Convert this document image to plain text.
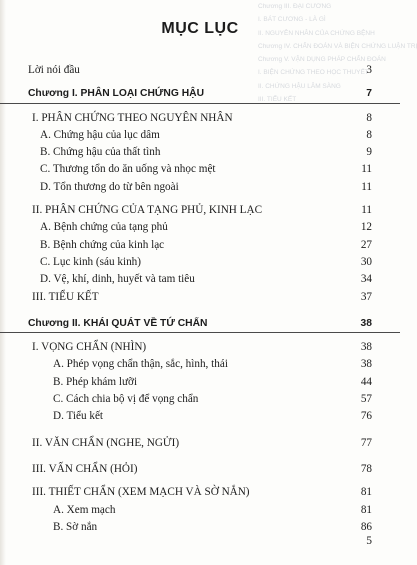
Chương III. ĐẠI CƯƠNG
I. BÁT CƯƠNG - LÀ GÌ
II. NGUYÊN NHÂN CỦA CHỨNG BỆNH
Chương IV. CHẨN ĐOÁN VÀ BIỆN CHỨNG LUẬN TRỊ
Chương V. VẬN DỤNG PHÁP CHẨN ĐOÁN
I. BIỆN CHỨNG THEO HỌC THUYẾT
II. CHỨNG HẬU LÂM SÀNG
III. TIỂU KẾT
MỤC LỤC
Lời nói đầu	3
Chương I. PHÂN LOẠI CHỨNG HẬU	7
I. PHÂN CHỨNG THEO NGUYÊN NHÂN	8
A. Chứng hậu của lục dâm	8
B. Chứng hậu của thất tình	9
C. Thương tổn do ăn uống và nhọc mệt	11
D. Tổn thương do từ bên ngoài	11
II. PHÂN CHỨNG CỦA TẠNG PHỦ, KINH LẠC	11
A. Bệnh chứng của tạng phủ	12
B. Bệnh chứng của kinh lạc	27
C. Lục kinh (sáu kinh)	30
D. Vệ, khí, dinh, huyết và tam tiêu	34
III. TIỂU KẾT	37
Chương II. KHÁI QUÁT VỀ TỨ CHẨN	38
I. VỌNG CHẨN (NHÌN)	38
A. Phép vọng chẩn thận, sắc, hình, thái	38
B. Phép khám lưỡi	44
C. Cách chia bộ vị để vọng chẩn	57
D. Tiểu kết	76
II. VĂN CHẨN (NGHE, NGỬI)	77
III. VẤN CHẨN (HỎI)	78
III. THIẾT CHẨN (XEM MẠCH VÀ SỜ NẮN)	81
A. Xem mạch	81
B. Sờ nắn	86
5
